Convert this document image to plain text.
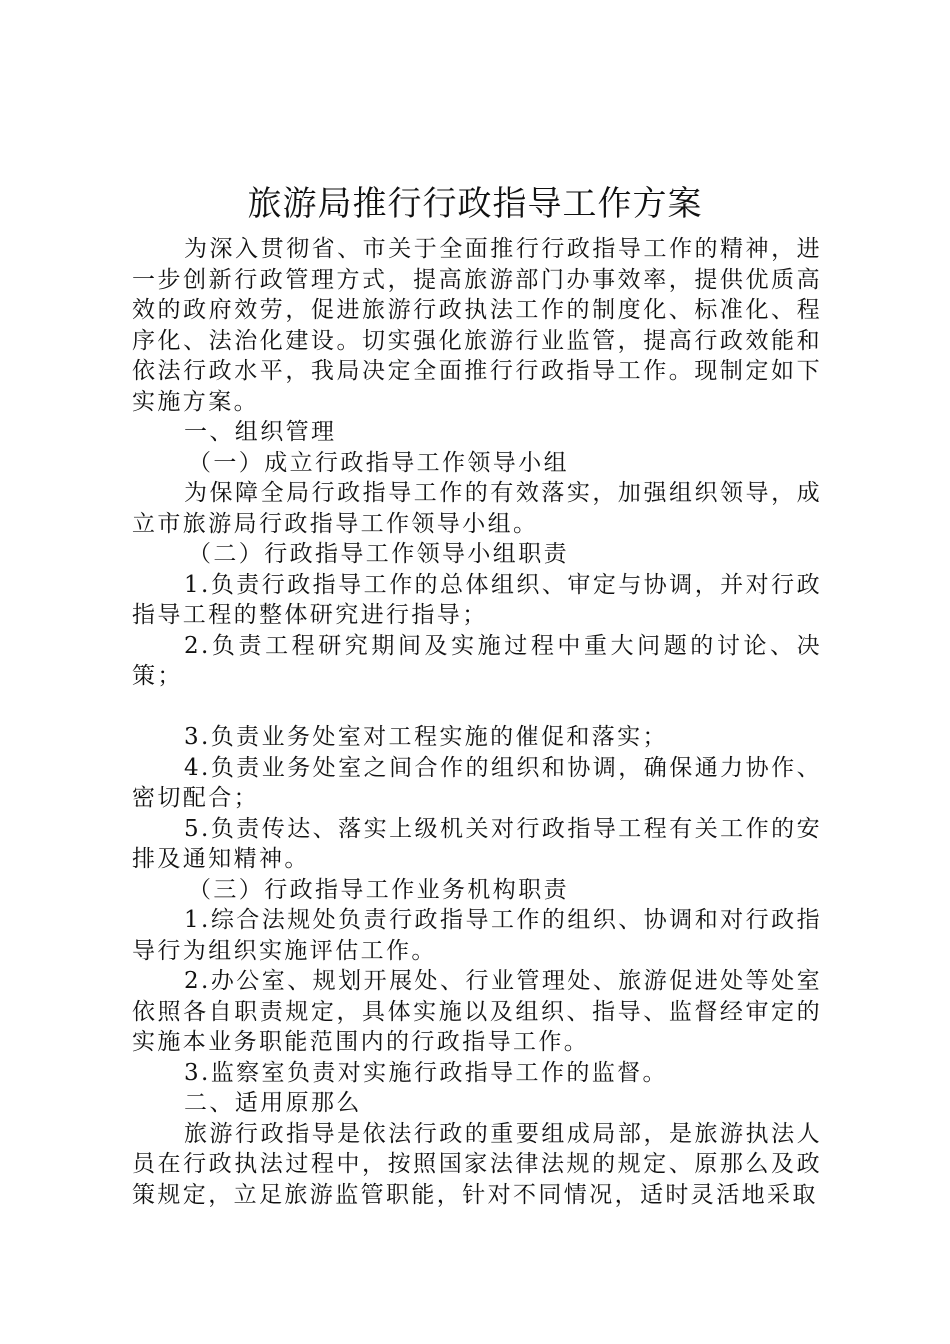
旅游局推行行政指导工作方案

为深入贯彻省、市关于全面推行行政指导工作的精神，进一步创新行政管理方式，提高旅游部门办事效率，提供优质高效的政府效劳，促进旅游行政执法工作的制度化、标准化、程序化、法治化建设。切实强化旅游行业监管，提高行政效能和依法行政水平，我局决定全面推行行政指导工作。现制定如下实施方案。

一、组织管理

（一）成立行政指导工作领导小组

为保障全局行政指导工作的有效落实，加强组织领导，成立市旅游局行政指导工作领导小组。

（二）行政指导工作领导小组职责

1.负责行政指导工作的总体组织、审定与协调，并对行政指导工程的整体研究进行指导；

2.负责工程研究期间及实施过程中重大问题的讨论、决策；

3.负责业务处室对工程实施的催促和落实；

4.负责业务处室之间合作的组织和协调，确保通力协作、密切配合；

5.负责传达、落实上级机关对行政指导工程有关工作的安排及通知精神。

（三）行政指导工作业务机构职责

1.综合法规处负责行政指导工作的组织、协调和对行政指导行为组织实施评估工作。

2.办公室、规划开展处、行业管理处、旅游促进处等处室依照各自职责规定，具体实施以及组织、指导、监督经审定的实施本业务职能范围内的行政指导工作。

3.监察室负责对实施行政指导工作的监督。

二、适用原那么

旅游行政指导是依法行政的重要组成局部，是旅游执法人员在行政执法过程中，按照国家法律法规的规定、原那么及政策规定，立足旅游监管职能，针对不同情况，适时灵活地采取
